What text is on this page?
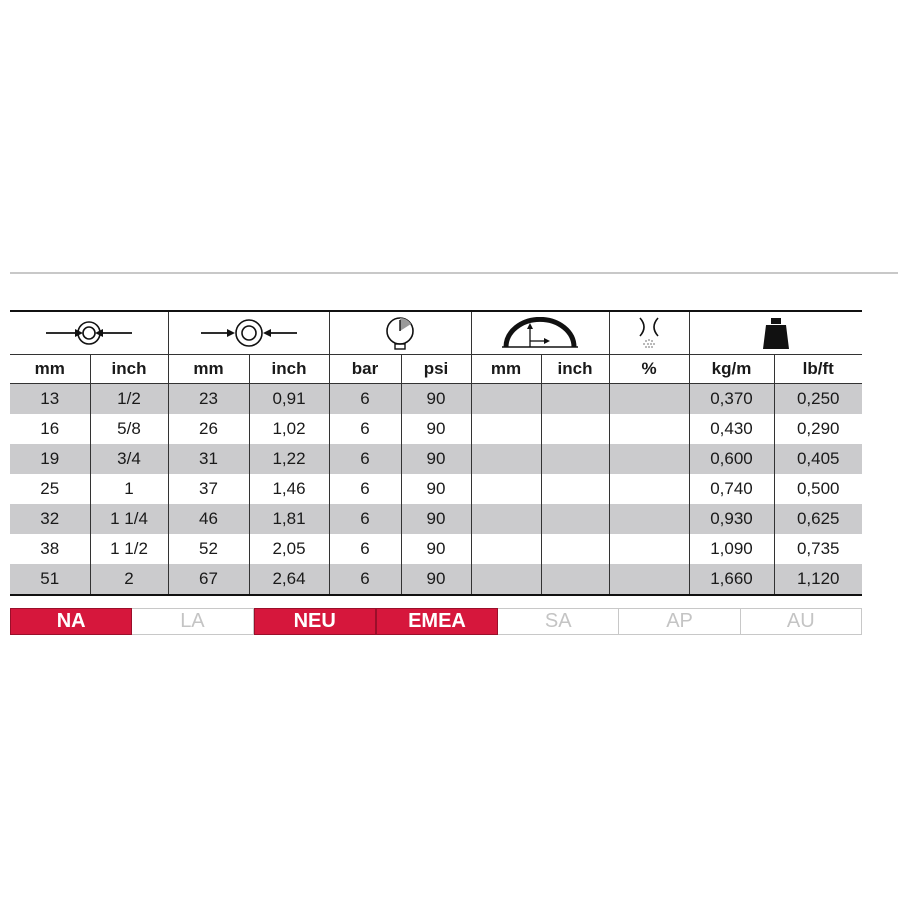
mm	inch	mm	inch	bar	psi	mm	inch	%	kg/m	lb/ft
13	1/2	23	0,91	6	90				0,370	0,250
16	5/8	26	1,02	6	90				0,430	0,290
19	3/4	31	1,22	6	90				0,600	0,405
25	1	37	1,46	6	90				0,740	0,500
32	1 1/4	46	1,81	6	90				0,930	0,625
38	1 1/2	52	2,05	6	90				1,090	0,735
51	2	67	2,64	6	90				1,660	1,120
NA	LA	NEU	EMEA	SA	AP	AU
